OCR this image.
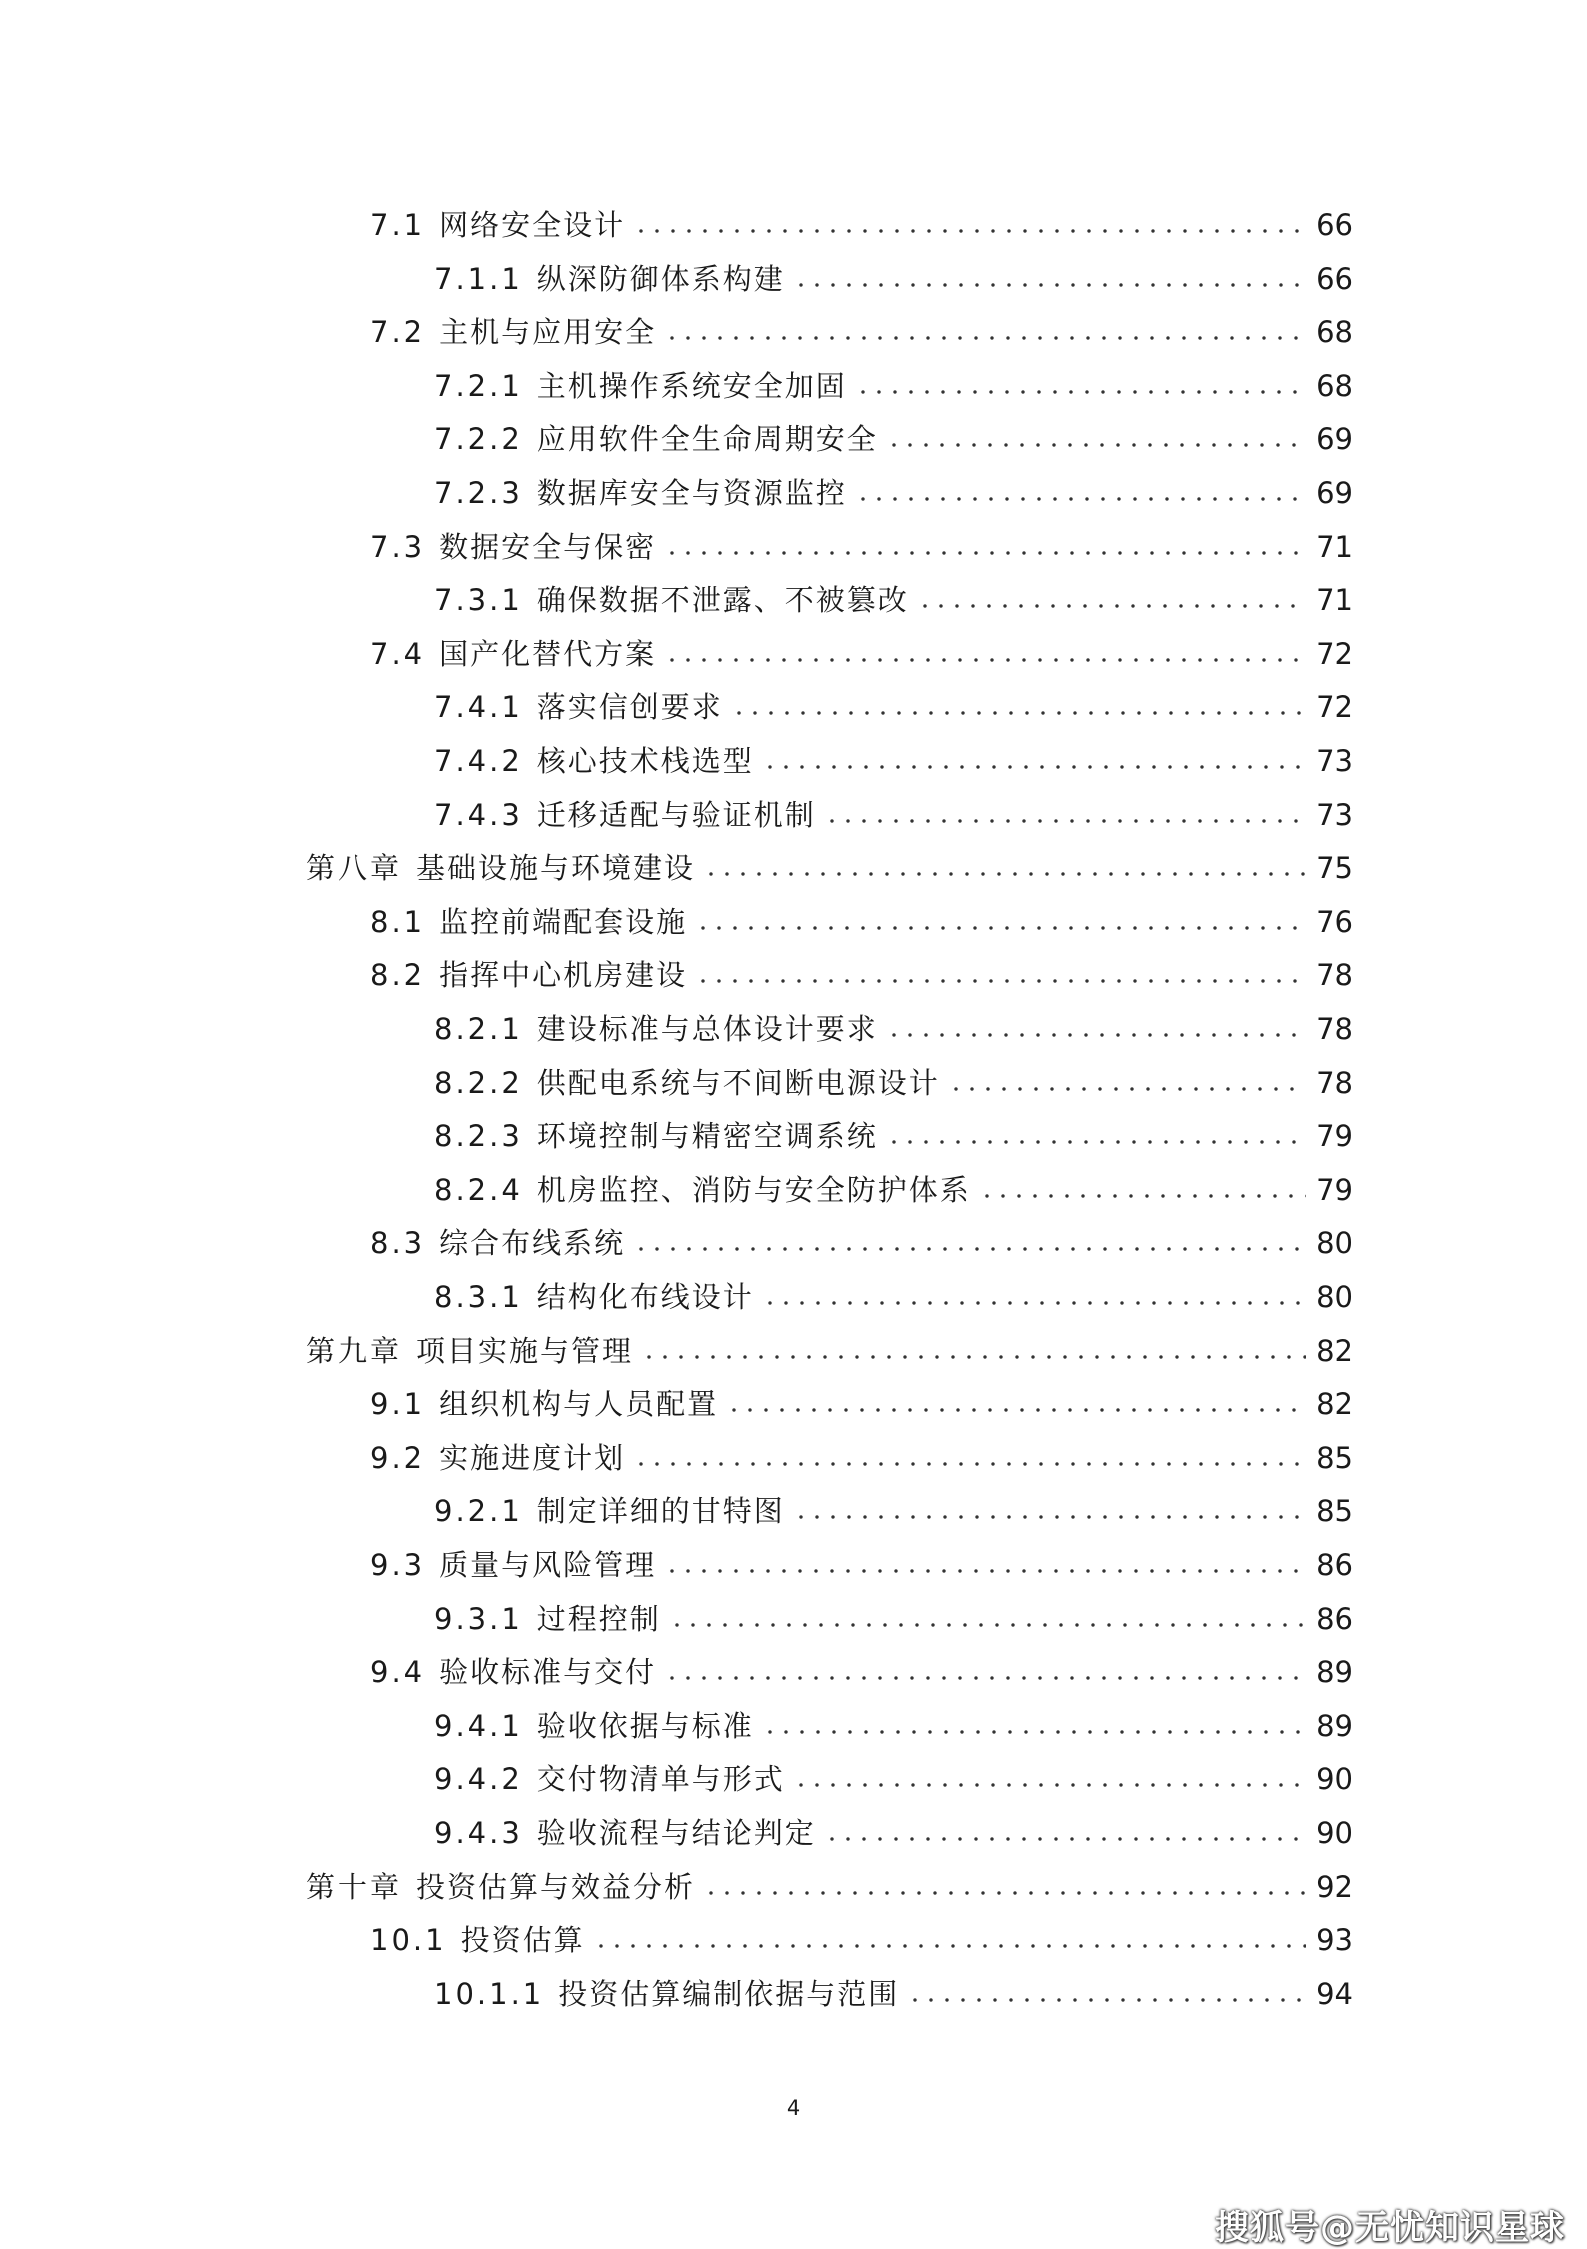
7.1 网络安全设计	66
7.1.1 纵深防御体系构建	66
7.2 主机与应用安全	68
7.2.1 主机操作系统安全加固	68
7.2.2 应用软件全生命周期安全	69
7.2.3 数据库安全与资源监控	69
7.3 数据安全与保密	71
7.3.1 确保数据不泄露、不被篡改	71
7.4 国产化替代方案	72
7.4.1 落实信创要求	72
7.4.2 核心技术栈选型	73
7.4.3 迁移适配与验证机制	73
第八章 基础设施与环境建设	75
8.1 监控前端配套设施	76
8.2 指挥中心机房建设	78
8.2.1 建设标准与总体设计要求	78
8.2.2 供配电系统与不间断电源设计	78
8.2.3 环境控制与精密空调系统	79
8.2.4 机房监控、消防与安全防护体系	79
8.3 综合布线系统	80
8.3.1 结构化布线设计	80
第九章 项目实施与管理	82
9.1 组织机构与人员配置	82
9.2 实施进度计划	85
9.2.1 制定详细的甘特图	85
9.3 质量与风险管理	86
9.3.1 过程控制	86
9.4 验收标准与交付	89
9.4.1 验收依据与标准	89
9.4.2 交付物清单与形式	90
9.4.3 验收流程与结论判定	90
第十章 投资估算与效益分析	92
10.1 投资估算	93
10.1.1 投资估算编制依据与范围	94
4
搜狐号@无忧知识星球
